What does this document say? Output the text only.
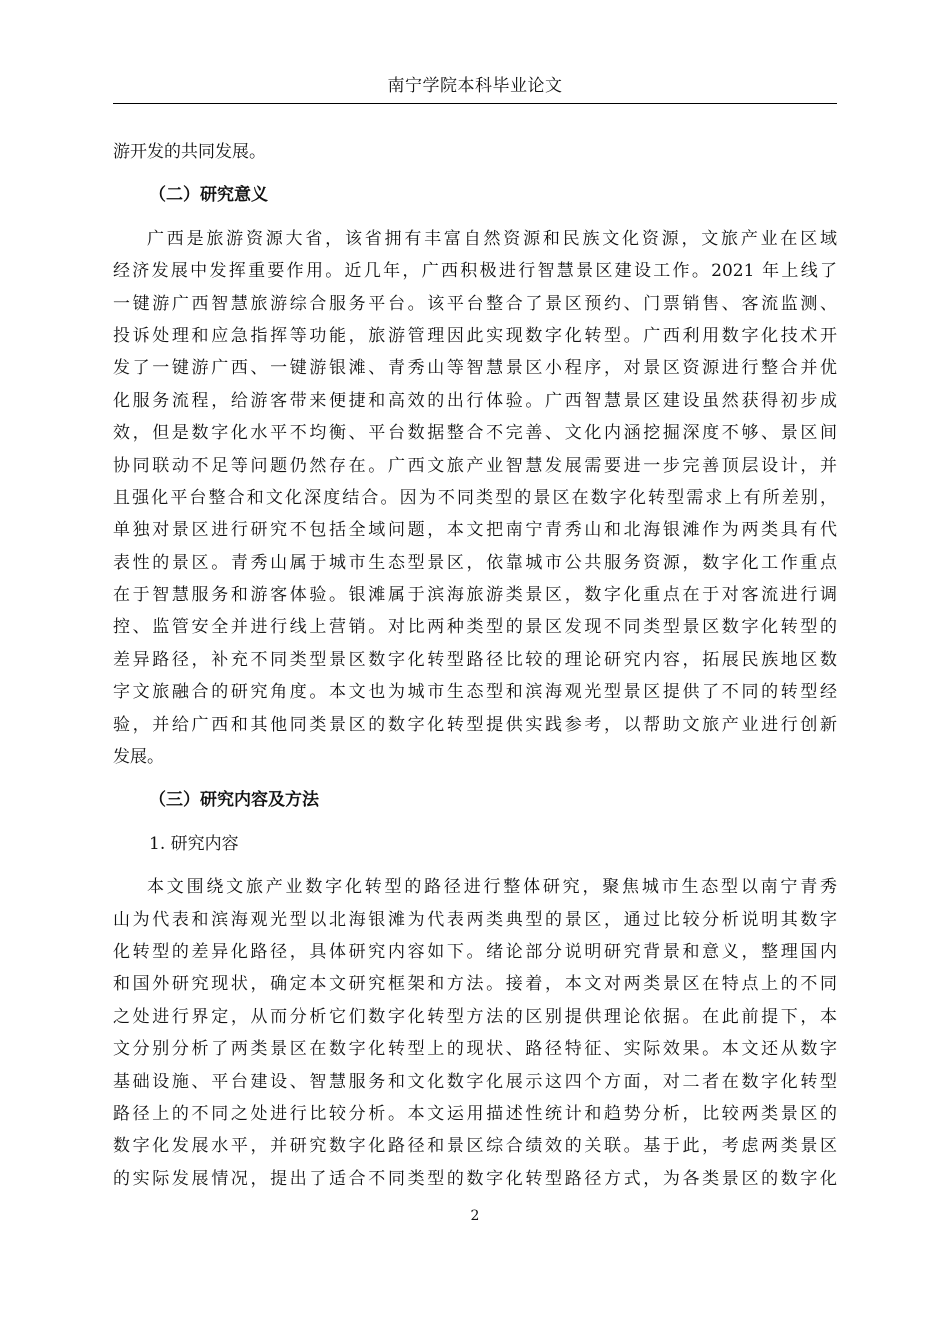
南宁学院本科毕业论文
游开发的共同发展。
（二）研究意义
广西是旅游资源大省，该省拥有丰富自然资源和民族文化资源，文旅产业在区域
经济发展中发挥重要作用。近几年，广西积极进行智慧景区建设工作。2021 年上线了
一键游广西智慧旅游综合服务平台。该平台整合了景区预约、门票销售、客流监测、
投诉处理和应急指挥等功能，旅游管理因此实现数字化转型。广西利用数字化技术开
发了一键游广西、一键游银滩、青秀山等智慧景区小程序，对景区资源进行整合并优
化服务流程，给游客带来便捷和高效的出行体验。广西智慧景区建设虽然获得初步成
效，但是数字化水平不均衡、平台数据整合不完善、文化内涵挖掘深度不够、景区间
协同联动不足等问题仍然存在。广西文旅产业智慧发展需要进一步完善顶层设计，并
且强化平台整合和文化深度结合。因为不同类型的景区在数字化转型需求上有所差别，
单独对景区进行研究不包括全域问题，本文把南宁青秀山和北海银滩作为两类具有代
表性的景区。青秀山属于城市生态型景区，依靠城市公共服务资源，数字化工作重点
在于智慧服务和游客体验。银滩属于滨海旅游类景区，数字化重点在于对客流进行调
控、监管安全并进行线上营销。对比两种类型的景区发现不同类型景区数字化转型的
差异路径，补充不同类型景区数字化转型路径比较的理论研究内容，拓展民族地区数
字文旅融合的研究角度。本文也为城市生态型和滨海观光型景区提供了不同的转型经
验，并给广西和其他同类景区的数字化转型提供实践参考，以帮助文旅产业进行创新
发展。
（三）研究内容及方法
1. 研究内容
本文围绕文旅产业数字化转型的路径进行整体研究，聚焦城市生态型以南宁青秀
山为代表和滨海观光型以北海银滩为代表两类典型的景区，通过比较分析说明其数字
化转型的差异化路径，具体研究内容如下。绪论部分说明研究背景和意义，整理国内
和国外研究现状，确定本文研究框架和方法。接着，本文对两类景区在特点上的不同
之处进行界定，从而分析它们数字化转型方法的区别提供理论依据。在此前提下，本
文分别分析了两类景区在数字化转型上的现状、路径特征、实际效果。本文还从数字
基础设施、平台建设、智慧服务和文化数字化展示这四个方面，对二者在数字化转型
路径上的不同之处进行比较分析。本文运用描述性统计和趋势分析，比较两类景区的
数字化发展水平，并研究数字化路径和景区综合绩效的关联。基于此，考虑两类景区
的实际发展情况，提出了适合不同类型的数字化转型路径方式，为各类景区的数字化
2
